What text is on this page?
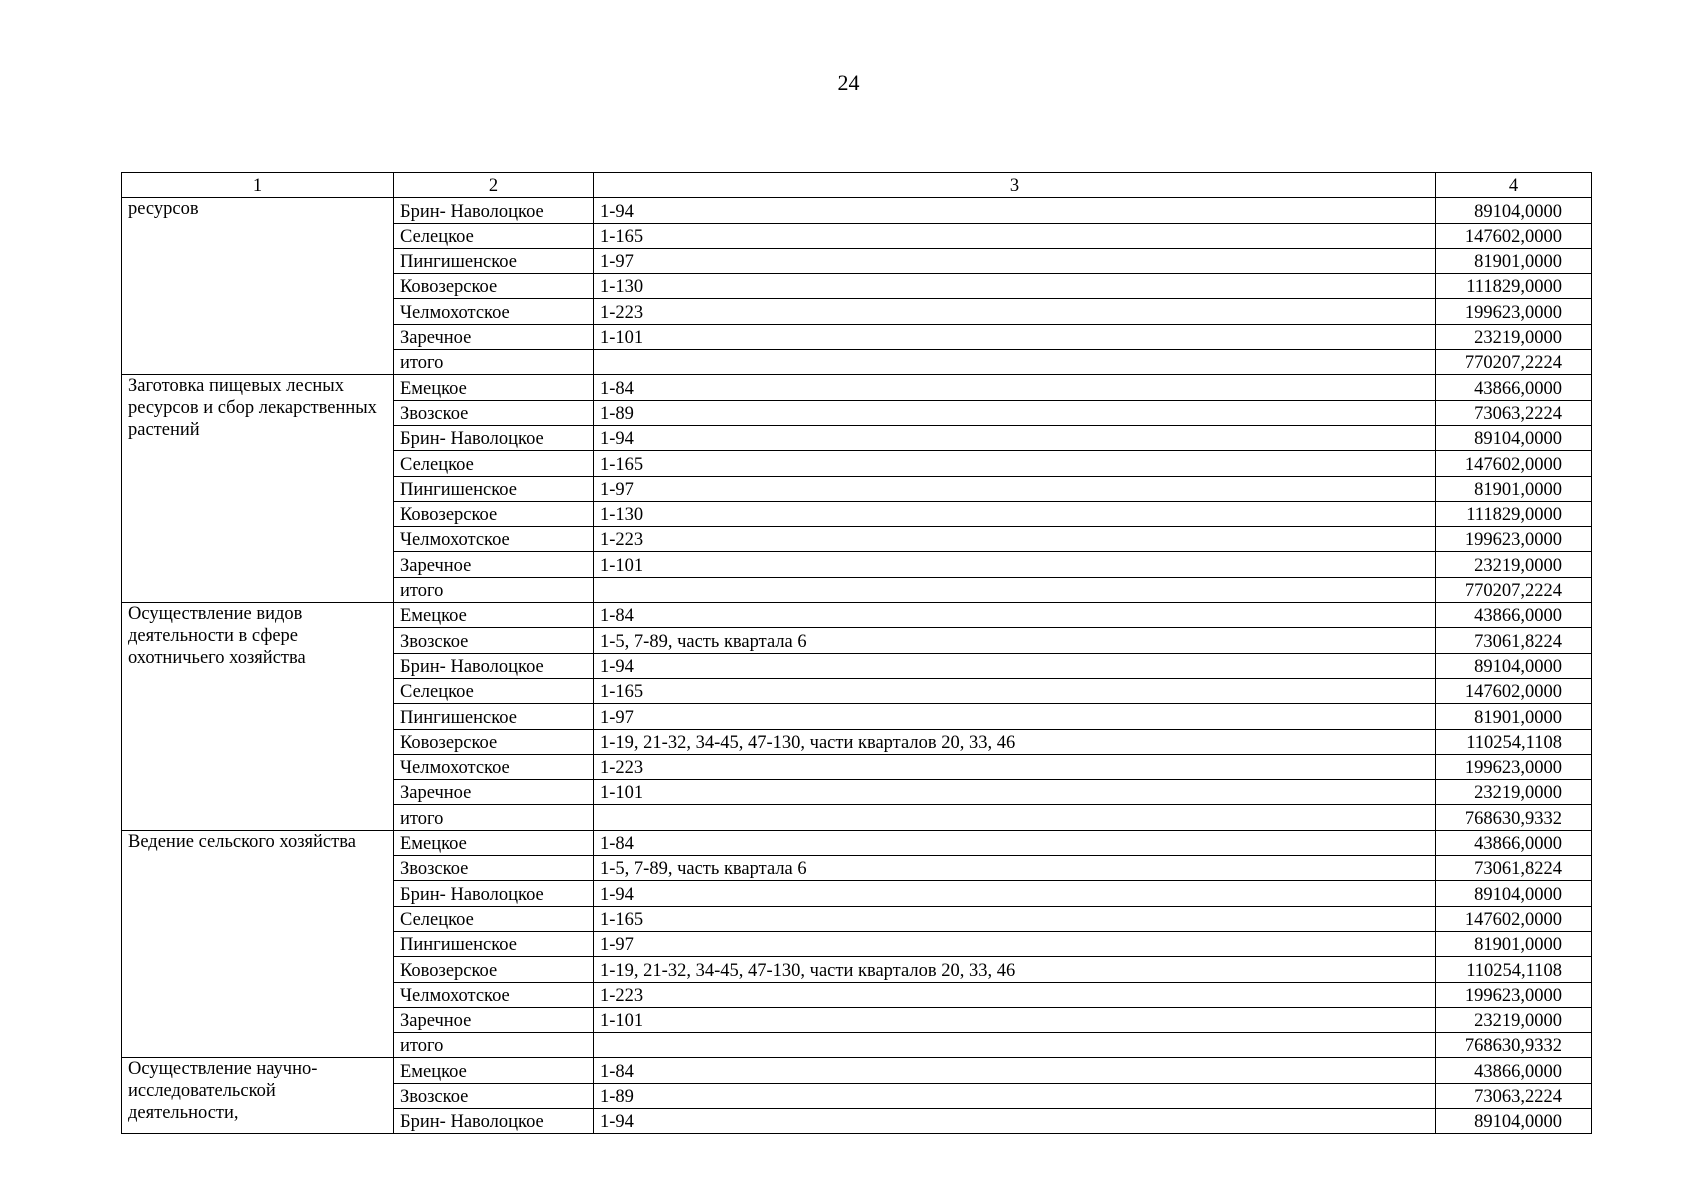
24
1	2	3	4
ресурсов	Брин- Наволоцкое	1-94	89104,0000
	Селецкое	1-165	147602,0000
	Пингишенское	1-97	81901,0000
	Ковозерское	1-130	111829,0000
	Челмохотское	1-223	199623,0000
	Заречное	1-101	23219,0000
	итого		770207,2224
Заготовка пищевых лесных ресурсов и сбор лекарственных растений	Емецкое	1-84	43866,0000
	Звозское	1-89	73063,2224
	Брин- Наволоцкое	1-94	89104,0000
	Селецкое	1-165	147602,0000
	Пингишенское	1-97	81901,0000
	Ковозерское	1-130	111829,0000
	Челмохотское	1-223	199623,0000
	Заречное	1-101	23219,0000
	итого		770207,2224
Осуществление видов деятельности в сфере охотничьего хозяйства	Емецкое	1-84	43866,0000
	Звозское	1-5, 7-89, часть квартала 6	73061,8224
	Брин- Наволоцкое	1-94	89104,0000
	Селецкое	1-165	147602,0000
	Пингишенское	1-97	81901,0000
	Ковозерское	1-19, 21-32, 34-45, 47-130, части кварталов 20, 33, 46	110254,1108
	Челмохотское	1-223	199623,0000
	Заречное	1-101	23219,0000
	итого		768630,9332
Ведение сельского хозяйства	Емецкое	1-84	43866,0000
	Звозское	1-5, 7-89, часть квартала 6	73061,8224
	Брин- Наволоцкое	1-94	89104,0000
	Селецкое	1-165	147602,0000
	Пингишенское	1-97	81901,0000
	Ковозерское	1-19, 21-32, 34-45, 47-130, части кварталов 20, 33, 46	110254,1108
	Челмохотское	1-223	199623,0000
	Заречное	1-101	23219,0000
	итого		768630,9332
Осуществление научно-исследовательской деятельности,	Емецкое	1-84	43866,0000
	Звозское	1-89	73063,2224
	Брин- Наволоцкое	1-94	89104,0000
